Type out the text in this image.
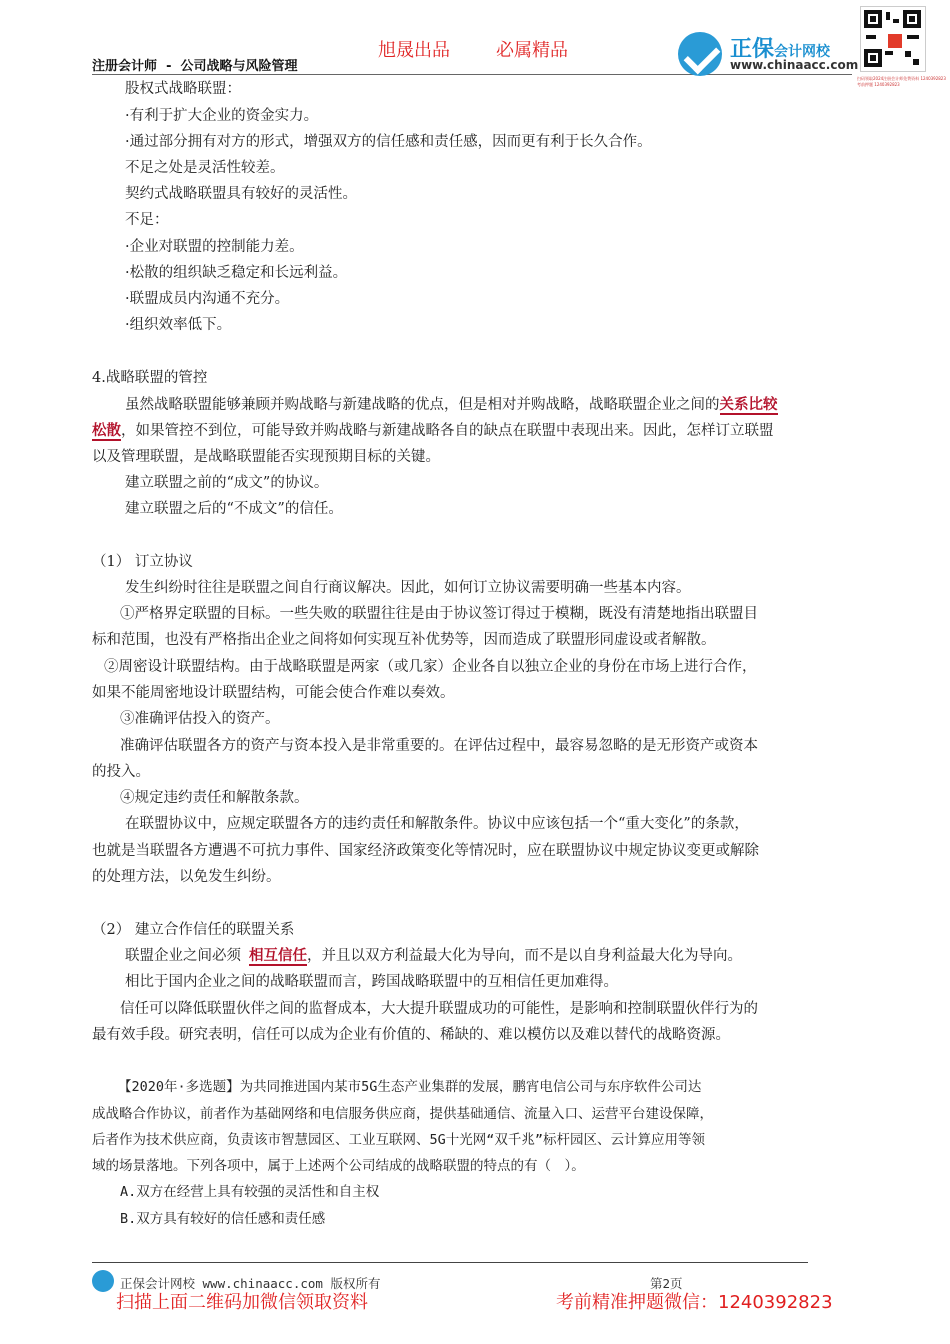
旭晟出品	必属精品
注册会计师 - 公司战略与风险管理
正保会计网校
www.chinaacc.com
扫码领取2024注册会计师免费资料 1240392823 考前押题 1240392823
股权式战略联盟：
·有利于扩大企业的资金实力。
·通过部分拥有对方的形式，增强双方的信任感和责任感，因而更有利于长久合作。
不足之处是灵活性较差。
契约式战略联盟具有较好的灵活性。
不足：
·企业对联盟的控制能力差。
·松散的组织缺乏稳定和长远利益。
·联盟成员内沟通不充分。
·组织效率低下。
4.战略联盟的管控
虽然战略联盟能够兼顾并购战略与新建战略的优点，但是相对并购战略，战略联盟企业之间的关系比较
松散，如果管控不到位，可能导致并购战略与新建战略各自的缺点在联盟中表现出来。因此，怎样订立联盟
以及管理联盟，是战略联盟能否实现预期目标的关键。
建立联盟之前的“成文”的协议。
建立联盟之后的“不成文”的信任。
（1） 订立协议
发生纠纷时往往是联盟之间自行商议解决。因此，如何订立协议需要明确一些基本内容。
①严格界定联盟的目标。一些失败的联盟往往是由于协议签订得过于模糊，既没有清楚地指出联盟目
标和范围，也没有严格指出企业之间将如何实现互补优势等，因而造成了联盟形同虚设或者解散。
②周密设计联盟结构。由于战略联盟是两家（或几家）企业各自以独立企业的身份在市场上进行合作，
如果不能周密地设计联盟结构，可能会使合作难以奏效。
③准确评估投入的资产。
准确评估联盟各方的资产与资本投入是非常重要的。在评估过程中，最容易忽略的是无形资产或资本
的投入。
④规定违约责任和解散条款。
在联盟协议中，应规定联盟各方的违约责任和解散条件。协议中应该包括一个“重大变化”的条款，
也就是当联盟各方遭遇不可抗力事件、国家经济政策变化等情况时，应在联盟协议中规定协议变更或解除
的处理方法，以免发生纠纷。
（2） 建立合作信任的联盟关系
联盟企业之间必须 相互信任，并且以双方利益最大化为导向，而不是以自身利益最大化为导向。
相比于国内企业之间的战略联盟而言，跨国战略联盟中的互相信任更加难得。
信任可以降低联盟伙伴之间的监督成本，大大提升联盟成功的可能性，是影响和控制联盟伙伴行为的
最有效手段。研究表明，信任可以成为企业有价值的、稀缺的、难以模仿以及难以替代的战略资源。
【2020年·多选题】为共同推进国内某市5G生态产业集群的发展，鹏宵电信公司与东序软件公司达
成战略合作协议，前者作为基础网络和电信服务供应商，提供基础通信、流量入口、运营平台建设保障，
后者作为技术供应商，负责该市智慧园区、工业互联网、5G十光网“双千兆”标杆园区、云计算应用等领
域的场景落地。下列各项中，属于上述两个公司结成的战略联盟的特点的有（　）。
A.双方在经营上具有较强的灵活性和自主权
B.双方具有较好的信任感和责任感
正保会计网校 www.chinaacc.com 版权所有	第2页
扫描上面二维码加微信领取资料	考前精准押题微信：1240392823
